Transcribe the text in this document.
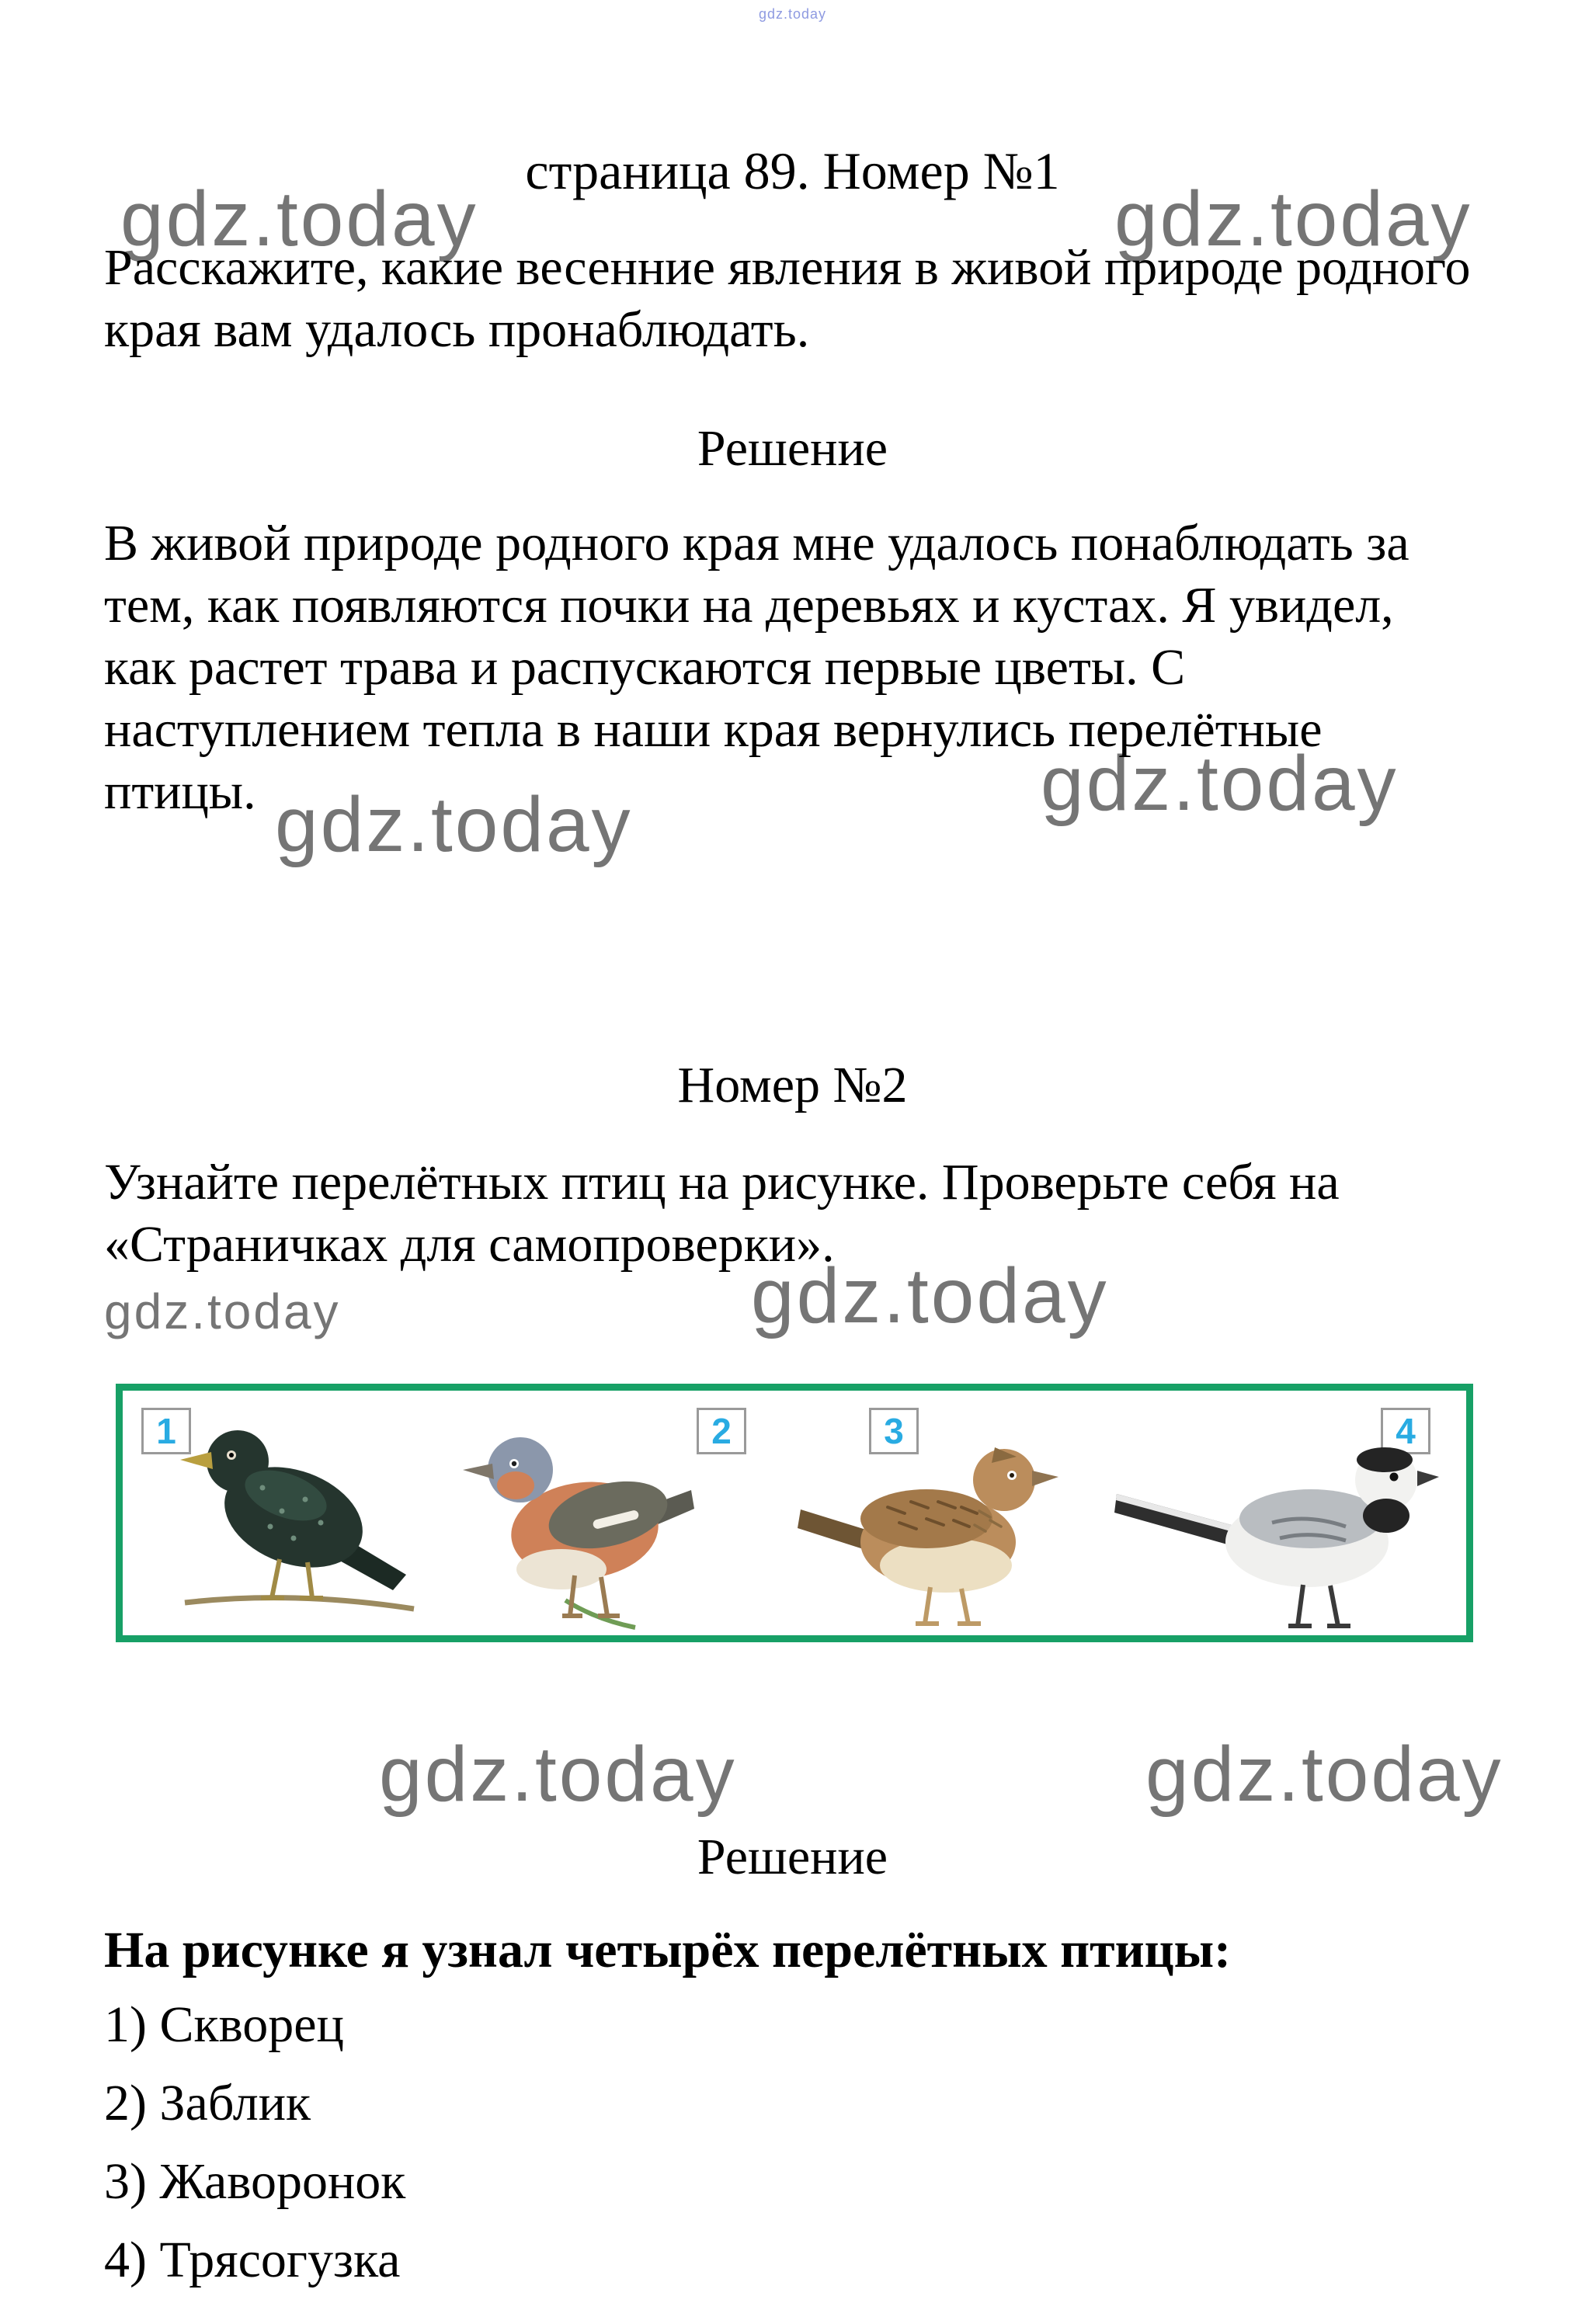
gdz.today
gdz.today	gdz.today
gdz.today	gdz.today
gdz.today	gdz.today
gdz.today	gdz.today
страница 89. Номер №1

Расскажите, какие весенние явления в живой природе родного края вам удалось пронаблюдать.

Решение

В живой природе родного края мне удалось понаблюдать за тем, как появляются почки на деревьях и кустах. Я увидел, как растет трава и распускаются первые цветы. С наступлением тепла в наши края вернулись перелётные птицы.

Номер №2

Узнайте перелётных птиц на рисунке. Проверьте себя на «Страничках для самопроверки».

1	2	3	4
Решение

На рисунке я узнал четырёх перелётных птицы:

1) Скворец
2) Заблик
3) Жаворонок
4) Трясогузка
